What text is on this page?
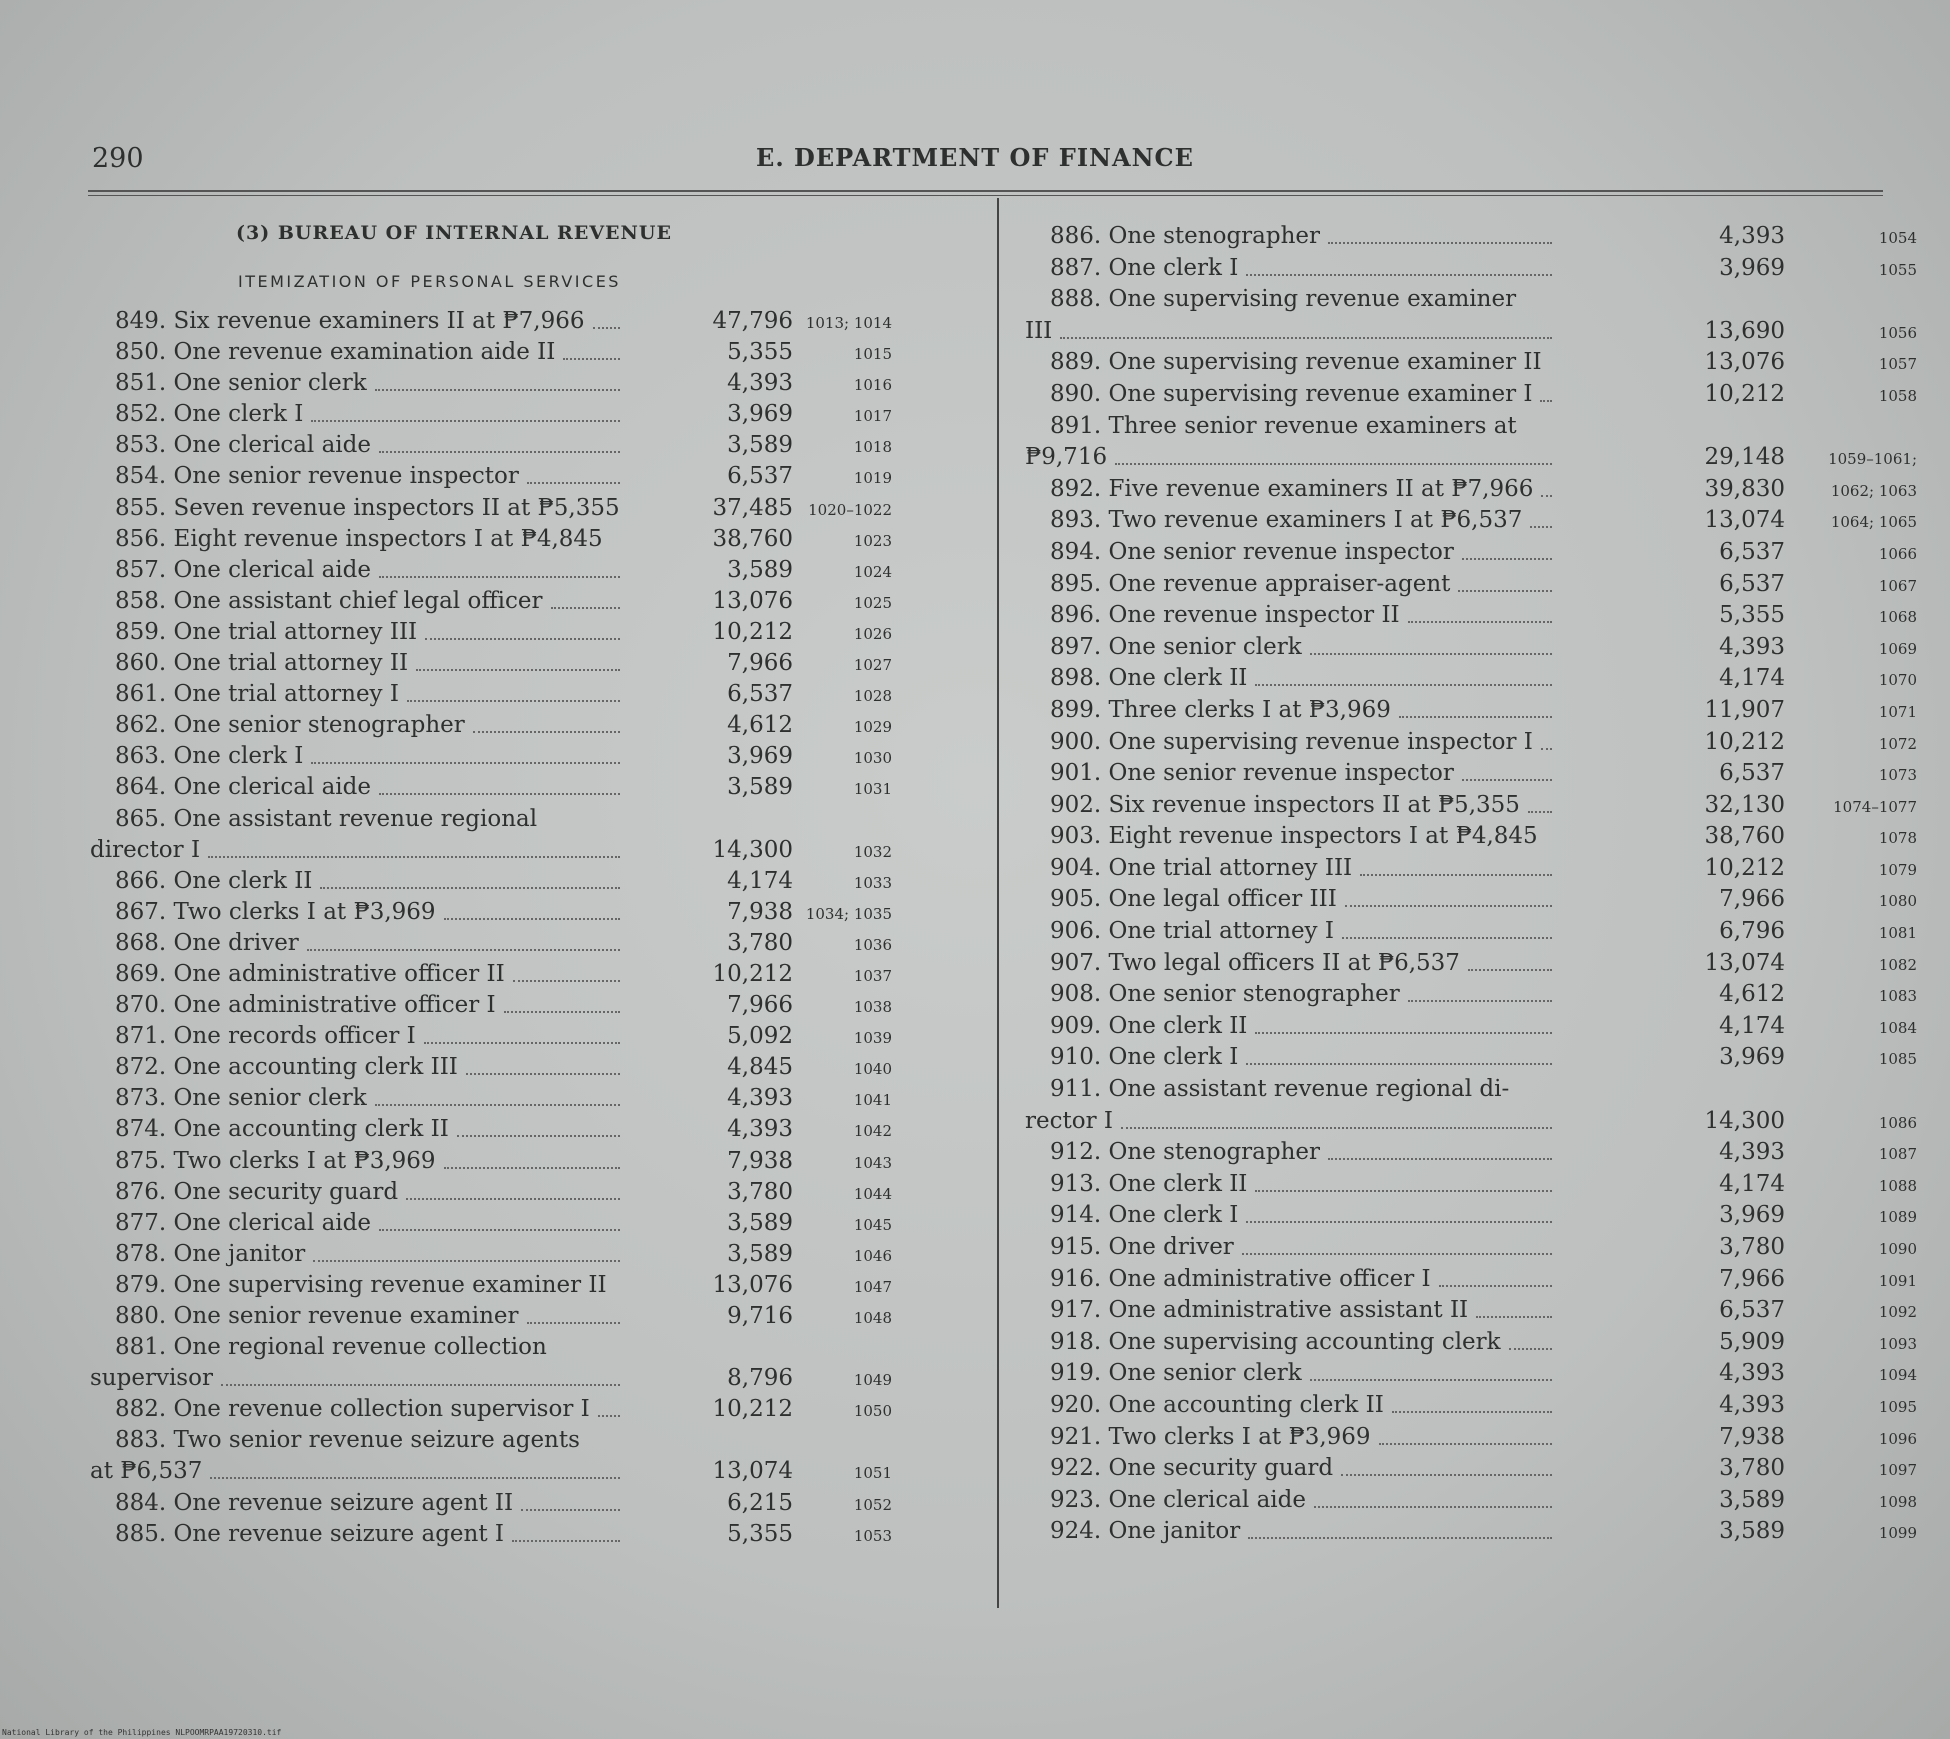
290	E. DEPARTMENT OF FINANCE
(3) BUREAU OF INTERNAL REVENUE
ITEMIZATION OF PERSONAL SERVICES
849. Six revenue examiners II at ₱7,966	47,796 1013; 1014
850. One revenue examination aide II	5,355	1015
851. One senior clerk	4,393	1016
852. One clerk I	3,969	1017
853. One clerical aide	3,589	1018
854. One senior revenue inspector	6,537	1019
855. Seven revenue inspectors II at ₱5,355	37,485	1020–1022
856. Eight revenue inspectors I at ₱4,845	38,760	1023
857. One clerical aide	3,589	1024
858. One assistant chief legal officer	13,076	1025
859. One trial attorney III	10,212	1026
860. One trial attorney II	7,966	1027
861. One trial attorney I	6,537	1028
862. One senior stenographer	4,612	1029
863. One clerk I	3,969	1030
864. One clerical aide	3,589	1031
865. One assistant revenue regional
director I	14,300	1032
866. One clerk II	4,174	1033
867. Two clerks I at ₱3,969	7,938 1034; 1035
868. One driver	3,780	1036
869. One administrative officer II	10,212	1037
870. One administrative officer I	7,966	1038
871. One records officer I	5,092	1039
872. One accounting clerk III	4,845	1040
873. One senior clerk	4,393	1041
874. One accounting clerk II	4,393	1042
875. Two clerks I at ₱3,969	7,938	1043
876. One security guard	3,780	1044
877. One clerical aide	3,589	1045
878. One janitor	3,589	1046
879. One supervising revenue examiner II	13,076	1047
880. One senior revenue examiner	9,716	1048
881. One regional revenue collection
supervisor	8,796	1049
882. One revenue collection supervisor I	10,212	1050
883. Two senior revenue seizure agents
at ₱6,537	13,074	1051
884. One revenue seizure agent II	6,215	1052
885. One revenue seizure agent I	5,355	1053
886. One stenographer	4,393	1054
887. One clerk I	3,969	1055
888. One supervising revenue examiner
III	13,690	1056
889. One supervising revenue examiner II	13,076	1057
890. One supervising revenue examiner I	10,212	1058
891. Three senior revenue examiners at
₱9,716	29,148	1059–1061;
892. Five revenue examiners II at ₱7,966	39,830	1062; 1063
893. Two revenue examiners I at ₱6,537	13,074	1064; 1065
894. One senior revenue inspector	6,537	1066
895. One revenue appraiser-agent	6,537	1067
896. One revenue inspector II	5,355	1068
897. One senior clerk	4,393	1069
898. One clerk II	4,174	1070
899. Three clerks I at ₱3,969	11,907	1071
900. One supervising revenue inspector I	10,212	1072
901. One senior revenue inspector	6,537	1073
902. Six revenue inspectors II at ₱5,355	32,130	1074–1077
903. Eight revenue inspectors I at ₱4,845	38,760	1078
904. One trial attorney III	10,212	1079
905. One legal officer III	7,966	1080
906. One trial attorney I	6,796	1081
907. Two legal officers II at ₱6,537	13,074	1082
908. One senior stenographer	4,612	1083
909. One clerk II	4,174	1084
910. One clerk I	3,969	1085
911. One assistant revenue regional di-
rector I	14,300	1086
912. One stenographer	4,393	1087
913. One clerk II	4,174	1088
914. One clerk I	3,969	1089
915. One driver	3,780	1090
916. One administrative officer I	7,966	1091
917. One administrative assistant II	6,537	1092
918. One supervising accounting clerk	5,909	1093
919. One senior clerk	4,393	1094
920. One accounting clerk II	4,393	1095
921. Two clerks I at ₱3,969	7,938	1096
922. One security guard	3,780	1097
923. One clerical aide	3,589	1098
924. One janitor	3,589	1099
National Library of the Philippines NLPOOMRPAA19720310.tif
